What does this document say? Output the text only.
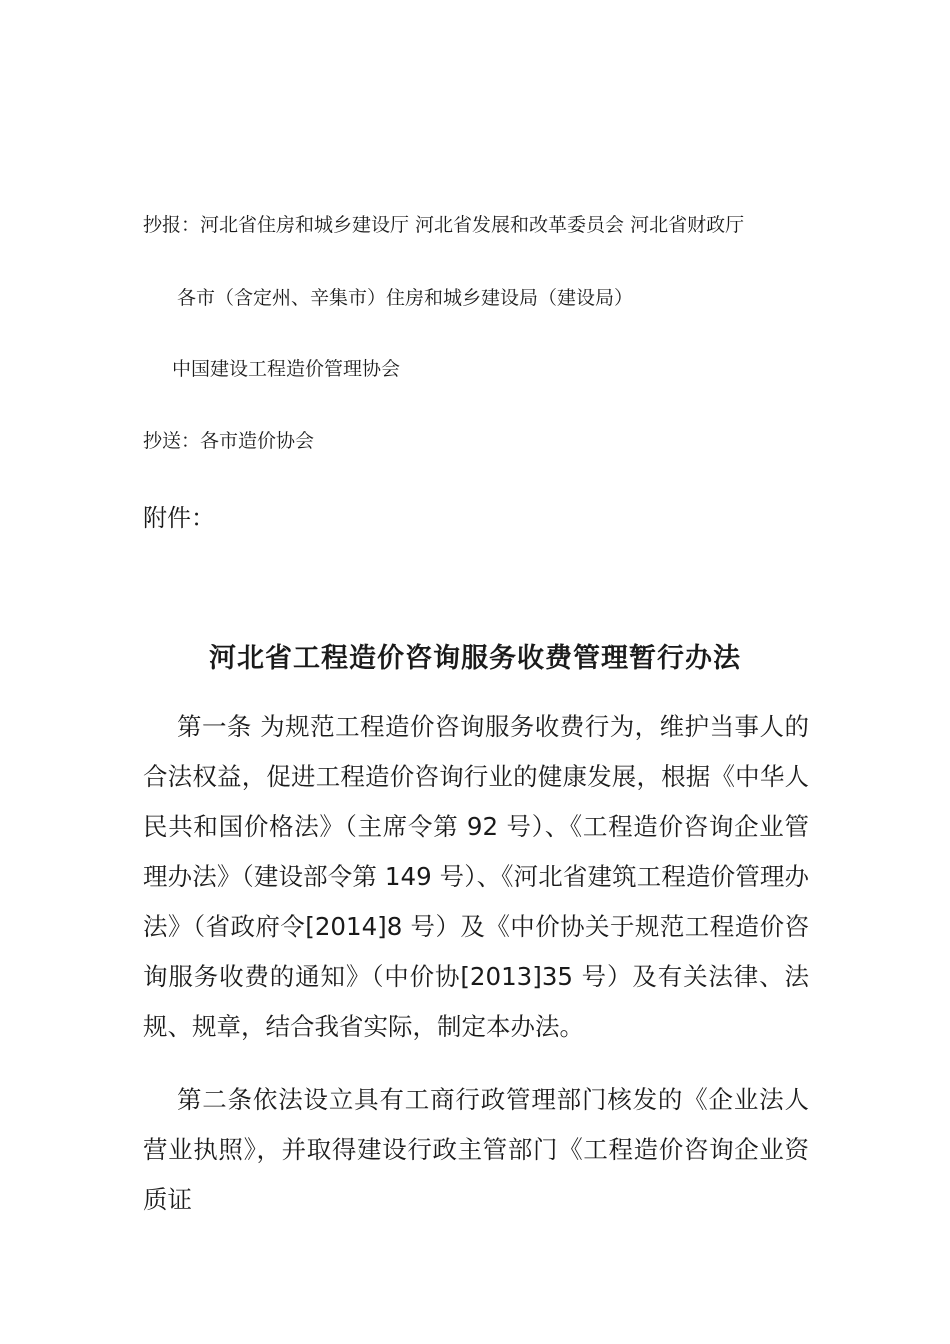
抄报：河北省住房和城乡建设厅 河北省发展和改革委员会 河北省财政厅
各市（含定州、辛集市）住房和城乡建设局（建设局）
中国建设工程造价管理协会
抄送：各市造价协会
附件：
河北省工程造价咨询服务收费管理暂行办法
第一条 为规范工程造价咨询服务收费行为，维护当事人的合法权益，促进工程造价咨询行业的健康发展，根据《中华人民共和国价格法》（主席令第 92 号）、《工程造价咨询企业管理办法》（建设部令第 149 号）、《河北省建筑工程造价管理办法》（省政府令[2014]8 号）及《中价协关于规范工程造价咨询服务收费的通知》（中价协[2013]35 号）及有关法律、法规、规章，结合我省实际，制定本办法。
第二条依法设立具有工商行政管理部门核发的《企业法人营业执照》，并取得建设行政主管部门《工程造价咨询企业资质证
